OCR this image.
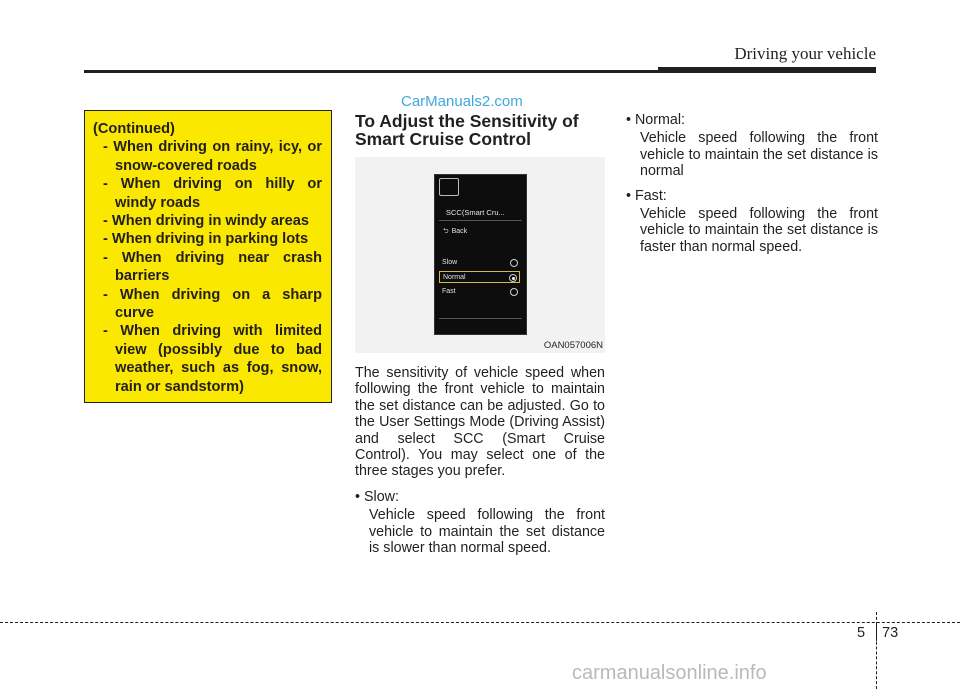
Driving your vehicle
CarManuals2.com
(Continued)
- When driving on rainy, icy, or snow-covered roads
- When driving on hilly or windy roads
- When driving in windy areas
- When driving in parking lots
- When driving near crash barriers
- When driving on a sharp curve
- When driving with limited view (possibly due to bad weather, such as fog, snow, rain or sandstorm)
To Adjust the Sensitivity of Smart Cruise Control
SCC(Smart Cru...
⮌ Back
Slow
Normal
Fast
OAN057006N

The sensitivity of vehicle speed when following the front vehicle to maintain the set distance can be adjusted. Go to the User Settings Mode (Driving Assist) and select SCC (Smart Cruise Control). You may select one of the three stages you prefer.

• Slow:

Vehicle speed following the front vehicle to maintain the set distance is slower than normal speed.

• Normal:

Vehicle speed following the front vehicle to maintain the set distance is normal

• Fast:

Vehicle speed following the front vehicle to maintain the set distance is faster than normal speed.

5 73
carmanualsonline.info
